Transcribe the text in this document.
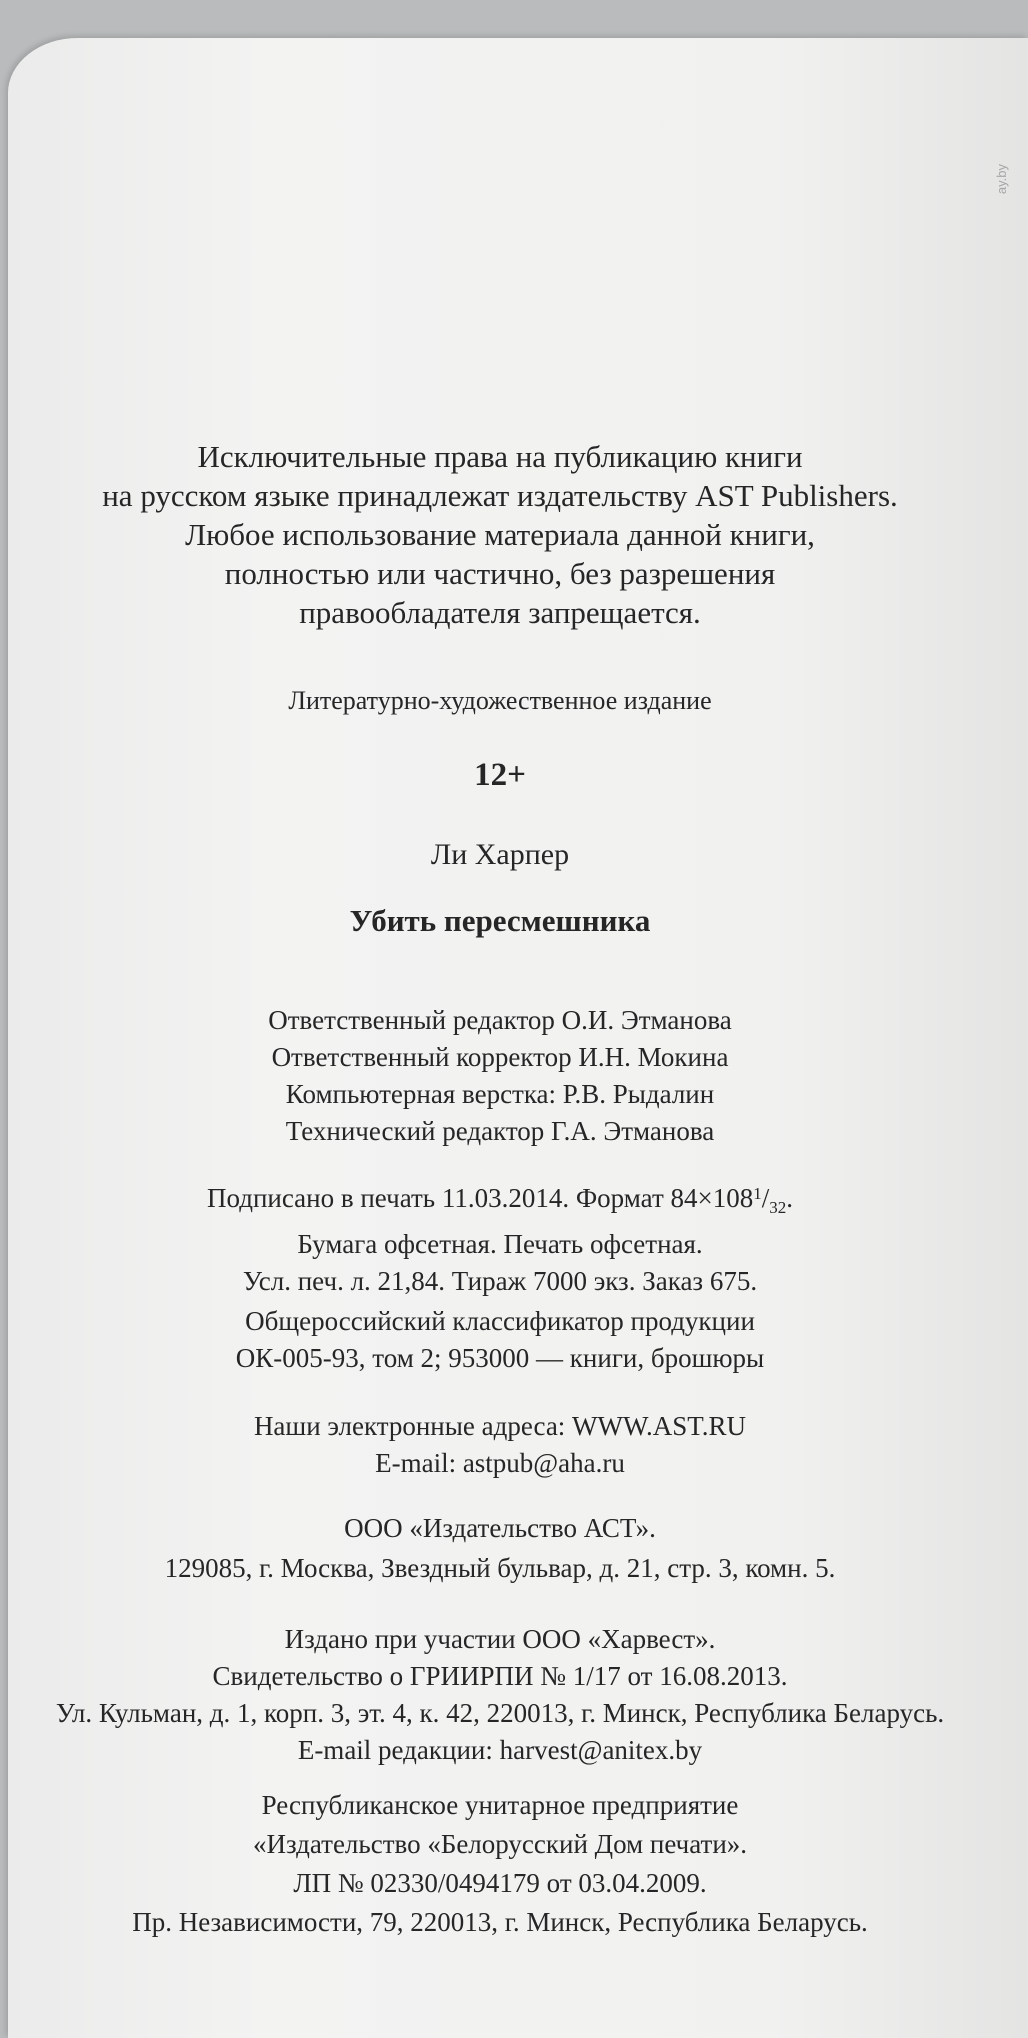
Исключительные права на публикацию книги
на русском языке принадлежат издательству AST Publishers.
Любое использование материала данной книги,
полностью или частично, без разрешения
правообладателя запрещается.
Литературно-художественное издание
12+
Ли Харпер
Убить пересмешника
Ответственный редактор О.И. Этманова
Ответственный корректор И.Н. Мокина
Компьютерная верстка: Р.В. Рыдалин
Технический редактор Г.А. Этманова
Подписано в печать 11.03.2014. Формат $84\times 108^1/_{32}$.
Бумага офсетная. Печать офсетная.
Усл. печ. л. 21,84. Тираж 7000 экз. Заказ 675.
Общероссийский классификатор продукции
ОК-005-93, том 2; 953000 — книги, брошюры
Наши электронные адреса: WWW.AST.RU
E-mail: astpub@aha.ru
ООО «Издательство АСТ».
129085, г. Москва, Звездный бульвар, д. 21, стр. 3, комн. 5.
Издано при участии ООО «Харвест».
Свидетельство о ГРИИРПИ № 1/17 от 16.08.2013.
Ул. Кульман, д. 1, корп. 3, эт. 4, к. 42, 220013, г. Минск, Республика Беларусь.
E-mail редакции: harvest@anitex.by
Республиканское унитарное предприятие
«Издательство «Белорусский Дом печати».
ЛП № 02330/0494179 от 03.04.2009.
Пр. Независимости, 79, 220013, г. Минск, Республика Беларусь.
ay.by
